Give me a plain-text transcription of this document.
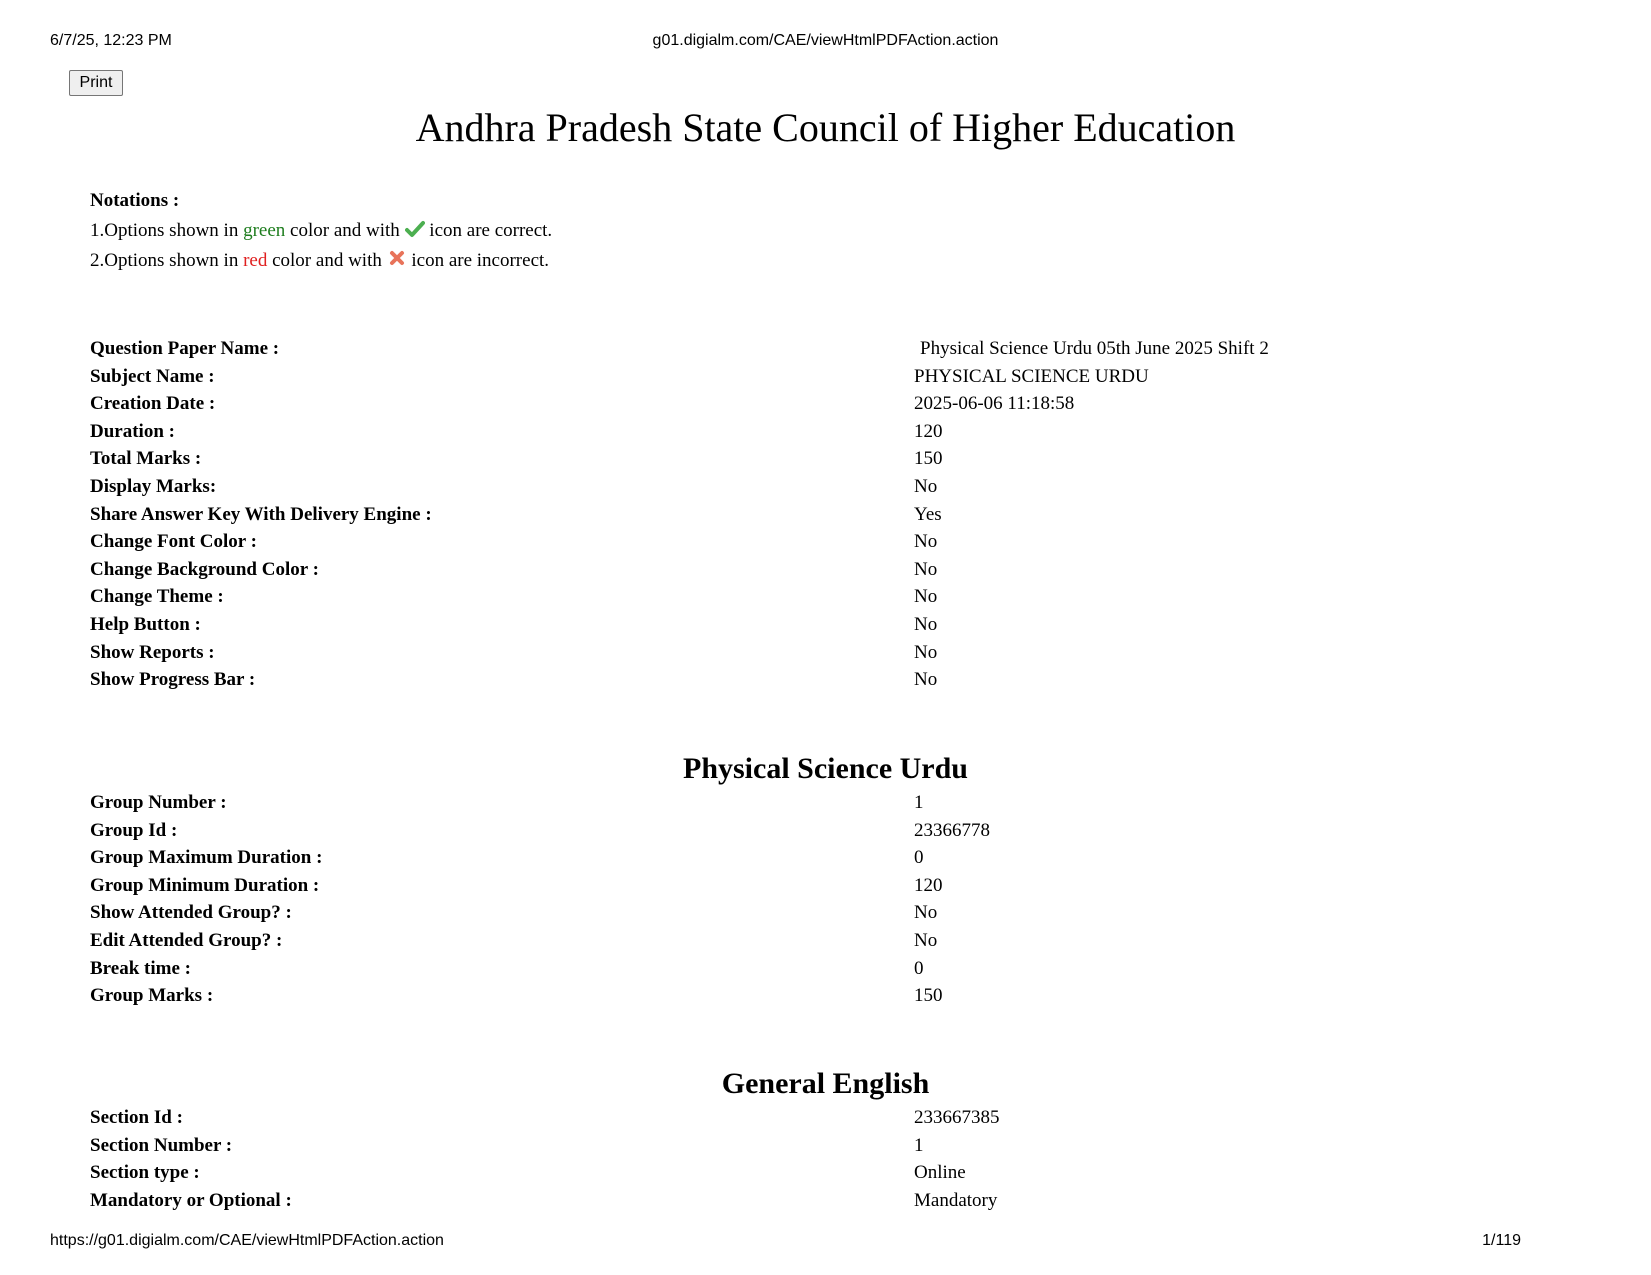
6/7/25, 12:23 PM	g01.digialm.com/CAE/viewHtmlPDFAction.action
Print
Andhra Pradesh State Council of Higher Education
Notations :
1.Options shown in green color and with  icon are correct.
2.Options shown in red color and with  icon are incorrect.
Question Paper Name :	Physical Science Urdu 05th June 2025 Shift 2
Subject Name :	PHYSICAL SCIENCE URDU
Creation Date :	2025-06-06 11:18:58
Duration :	120
Total Marks :	150
Display Marks:	No
Share Answer Key With Delivery Engine :	Yes
Change Font Color :	No
Change Background Color :	No
Change Theme :	No
Help Button :	No
Show Reports :	No
Show Progress Bar :	No
Physical Science Urdu
Group Number :	1
Group Id :	23366778
Group Maximum Duration :	0
Group Minimum Duration :	120
Show Attended Group? :	No
Edit Attended Group? :	No
Break time :	0
Group Marks :	150
General English
Section Id :	233667385
Section Number :	1
Section type :	Online
Mandatory or Optional :	Mandatory
https://g01.digialm.com/CAE/viewHtmlPDFAction.action	1/119
